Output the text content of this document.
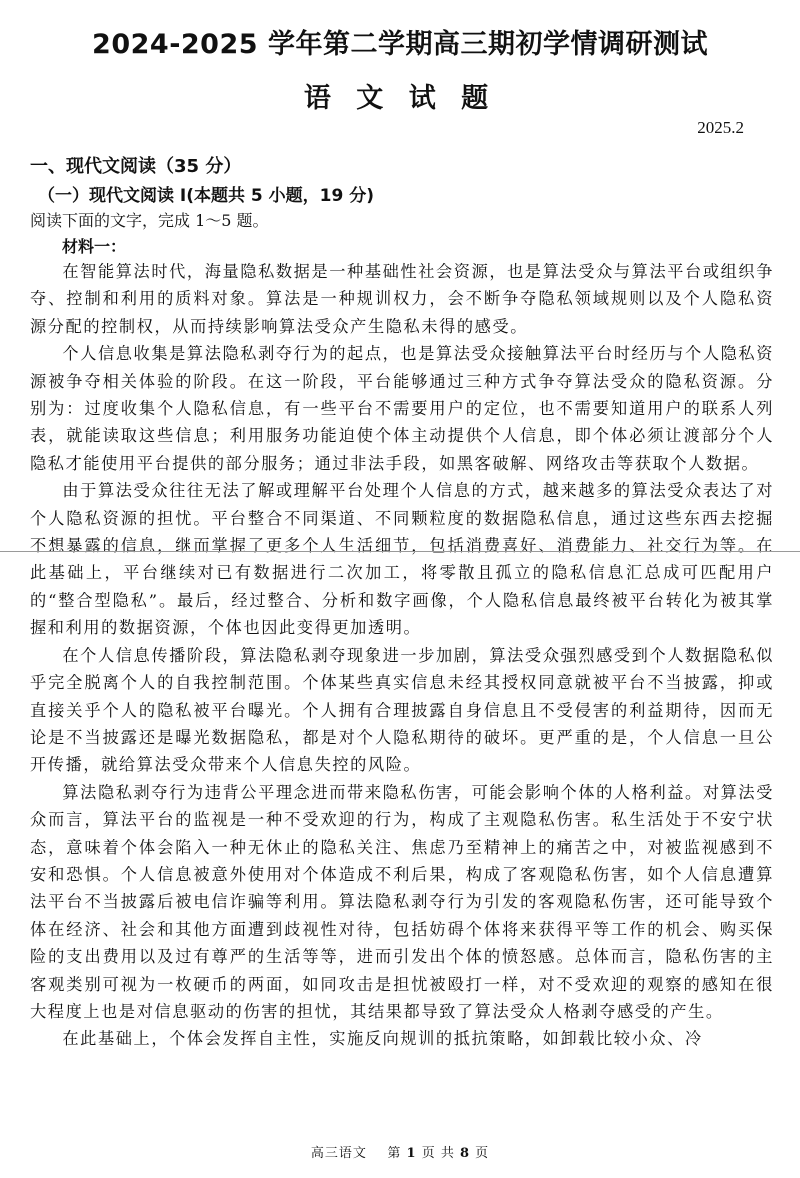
2024-2025 学年第二学期高三期初学情调研测试
语 文 试 题
2025.2
一、现代文阅读（35 分）
（一）现代文阅读 I(本题共 5 小题，19 分)
阅读下面的文字，完成 1～5 题。
材料一：

在智能算法时代，海量隐私数据是一种基础性社会资源，也是算法受众与算法平台或组织争夺、控制和利用的质料对象。算法是一种规训权力，会不断争夺隐私领域规则以及个人隐私资源分配的控制权，从而持续影响算法受众产生隐私未得的感受。

个人信息收集是算法隐私剥夺行为的起点，也是算法受众接触算法平台时经历与个人隐私资源被争夺相关体验的阶段。在这一阶段，平台能够通过三种方式争夺算法受众的隐私资源。分别为：过度收集个人隐私信息，有一些平台不需要用户的定位，也不需要知道用户的联系人列表，就能读取这些信息；利用服务功能迫使个体主动提供个人信息，即个体必须让渡部分个人隐私才能使用平台提供的部分服务；通过非法手段，如黑客破解、网络攻击等获取个人数据。

由于算法受众往往无法了解或理解平台处理个人信息的方式，越来越多的算法受众表达了对个人隐私资源的担忧。平台整合不同渠道、不同颗粒度的数据隐私信息，通过这些东西去挖掘不想暴露的信息，继而掌握了更多个人生活细节，包括消费喜好、消费能力、社交行为等。在此基础上，平台继续对已有数据进行二次加工，将零散且孤立的隐私信息汇总成可匹配用户的“整合型隐私”。最后，经过整合、分析和数字画像，个人隐私信息最终被平台转化为被其掌握和利用的数据资源，个体也因此变得更加透明。

在个人信息传播阶段，算法隐私剥夺现象进一步加剧，算法受众强烈感受到个人数据隐私似乎完全脱离个人的自我控制范围。个体某些真实信息未经其授权同意就被平台不当披露，抑或直接关乎个人的隐私被平台曝光。个人拥有合理披露自身信息且不受侵害的利益期待，因而无论是不当披露还是曝光数据隐私，都是对个人隐私期待的破坏。更严重的是，个人信息一旦公开传播，就给算法受众带来个人信息失控的风险。

算法隐私剥夺行为违背公平理念进而带来隐私伤害，可能会影响个体的人格利益。对算法受众而言，算法平台的监视是一种不受欢迎的行为，构成了主观隐私伤害。私生活处于不安宁状态，意味着个体会陷入一种无休止的隐私关注、焦虑乃至精神上的痛苦之中，对被监视感到不安和恐惧。个人信息被意外使用对个体造成不利后果，构成了客观隐私伤害，如个人信息遭算法平台不当披露后被电信诈骗等利用。算法隐私剥夺行为引发的客观隐私伤害，还可能导致个体在经济、社会和其他方面遭到歧视性对待，包括妨碍个体将来获得平等工作的机会、购买保险的支出费用以及过有尊严的生活等等，进而引发出个体的愤怒感。总体而言，隐私伤害的主客观类别可视为一枚硬币的两面，如同攻击是担忧被殴打一样，对不受欢迎的观察的感知在很大程度上也是对信息驱动的伤害的担忧，其结果都导致了算法受众人格剥夺感受的产生。

在此基础上，个体会发挥自主性，实施反向规训的抵抗策略，如卸载比较小众、冷

高三语文 第 1 页 共 8 页
